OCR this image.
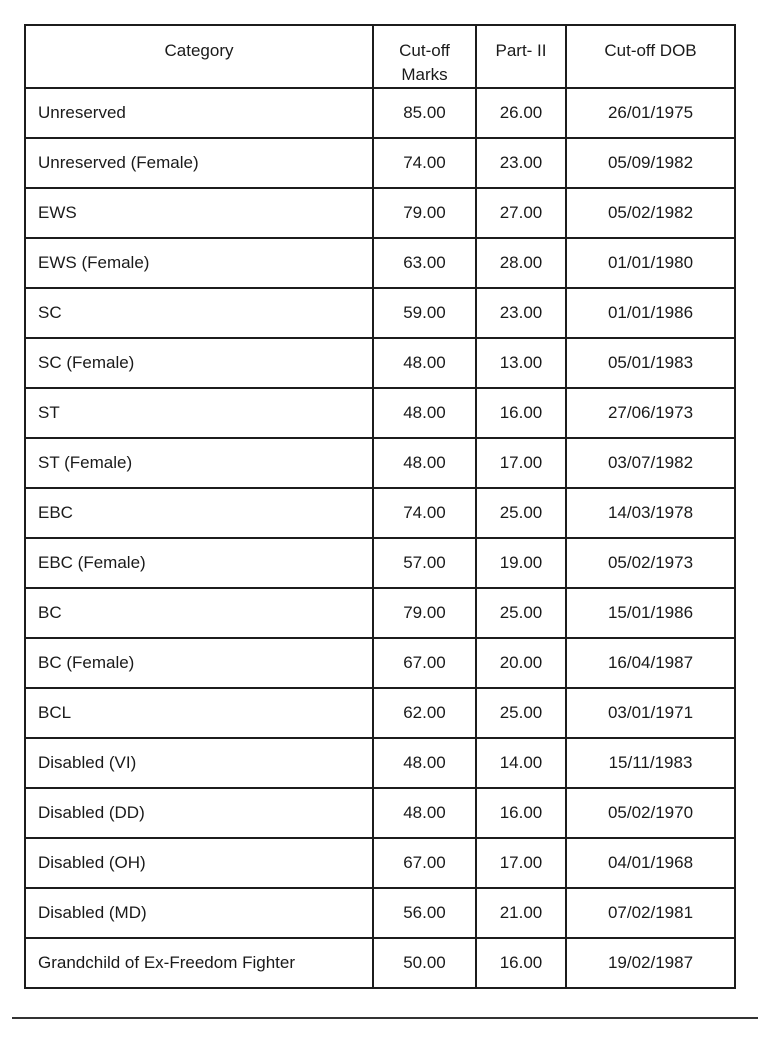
Category	Cut-off Marks	Part- II	Cut-off DOB
Unreserved	85.00	26.00	26/01/1975
Unreserved (Female)	74.00	23.00	05/09/1982
EWS	79.00	27.00	05/02/1982
EWS (Female)	63.00	28.00	01/01/1980
SC	59.00	23.00	01/01/1986
SC (Female)	48.00	13.00	05/01/1983
ST	48.00	16.00	27/06/1973
ST (Female)	48.00	17.00	03/07/1982
EBC	74.00	25.00	14/03/1978
EBC (Female)	57.00	19.00	05/02/1973
BC	79.00	25.00	15/01/1986
BC (Female)	67.00	20.00	16/04/1987
BCL	62.00	25.00	03/01/1971
Disabled (VI)	48.00	14.00	15/11/1983
Disabled (DD)	48.00	16.00	05/02/1970
Disabled (OH)	67.00	17.00	04/01/1968
Disabled (MD)	56.00	21.00	07/02/1981
Grandchild of Ex-Freedom Fighter	50.00	16.00	19/02/1987
